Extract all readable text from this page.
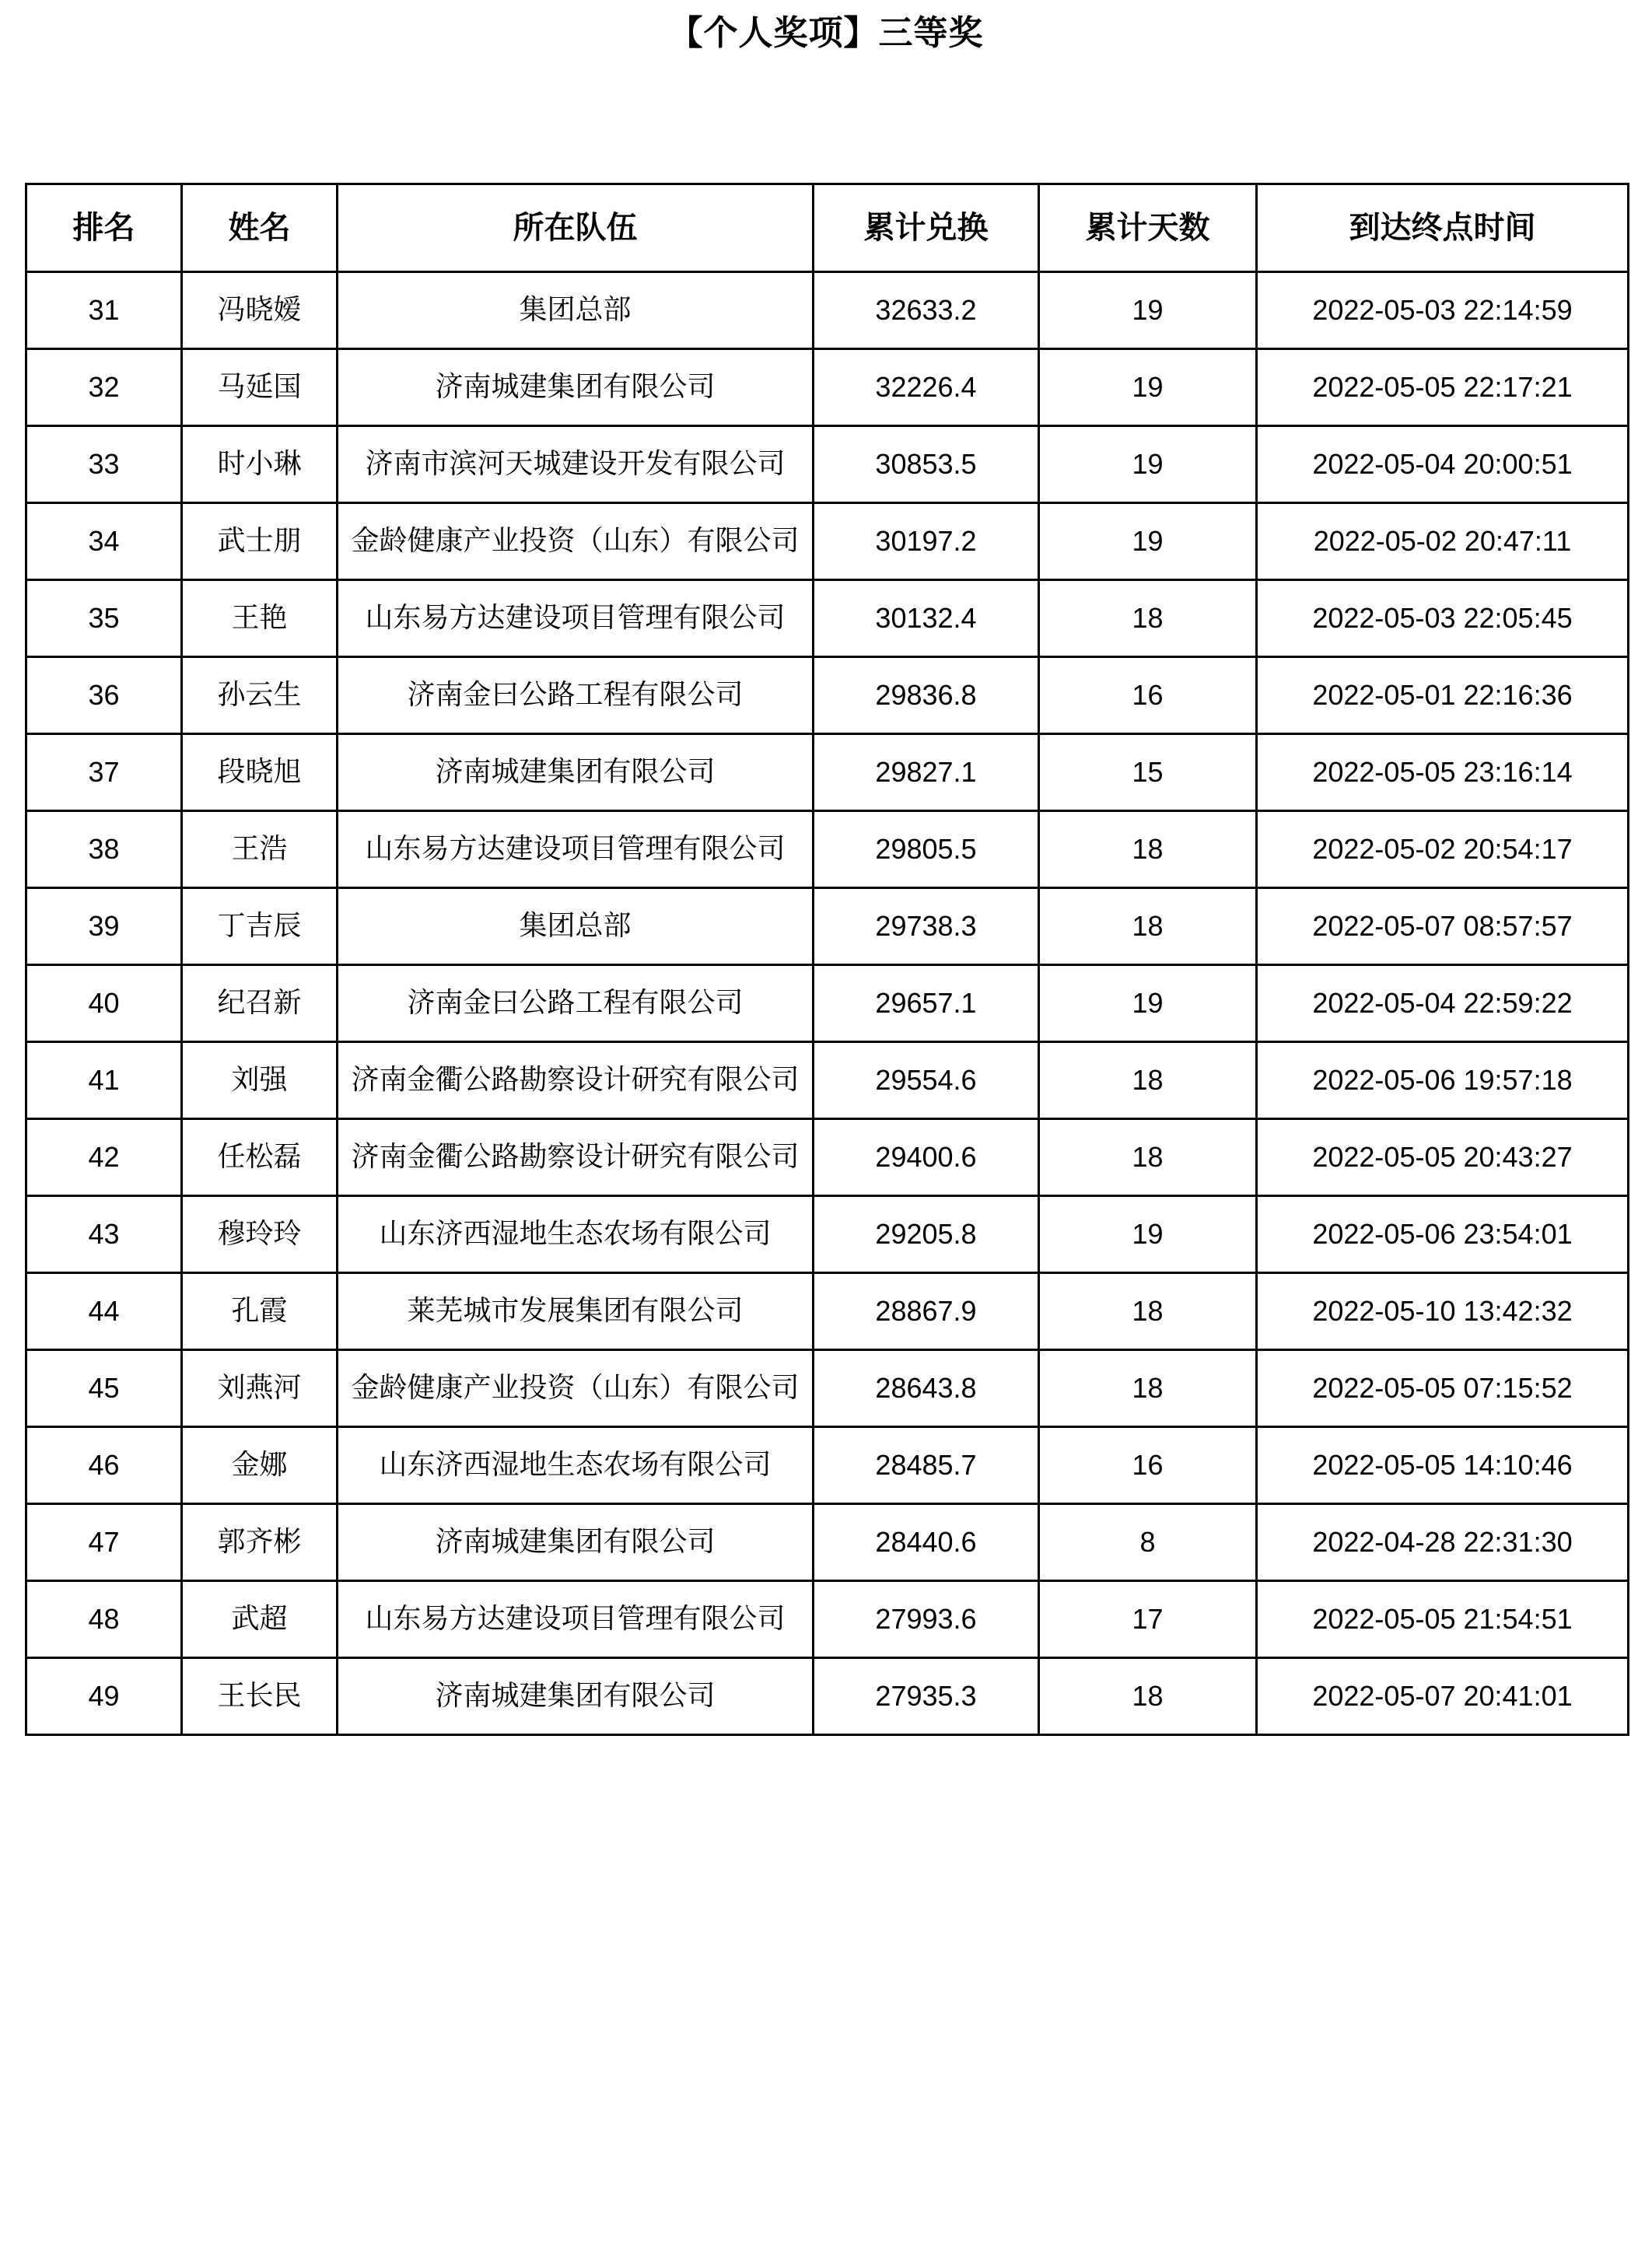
【个人奖项】三等奖
排名	姓名	所在队伍	累计兑换	累计天数	到达终点时间
31	冯晓嫒	集团总部	32633.2	19	2022-05-03 22:14:59
32	马延国	济南城建集团有限公司	32226.4	19	2022-05-05 22:17:21
33	时小琳	济南市滨河天城建设开发有限公司	30853.5	19	2022-05-04 20:00:51
34	武士朋	金龄健康产业投资（山东）有限公司	30197.2	19	2022-05-02 20:47:11
35	王艳	山东易方达建设项目管理有限公司	30132.4	18	2022-05-03 22:05:45
36	孙云生	济南金曰公路工程有限公司	29836.8	16	2022-05-01 22:16:36
37	段晓旭	济南城建集团有限公司	29827.1	15	2022-05-05 23:16:14
38	王浩	山东易方达建设项目管理有限公司	29805.5	18	2022-05-02 20:54:17
39	丁吉辰	集团总部	29738.3	18	2022-05-07 08:57:57
40	纪召新	济南金曰公路工程有限公司	29657.1	19	2022-05-04 22:59:22
41	刘强	济南金衢公路勘察设计研究有限公司	29554.6	18	2022-05-06 19:57:18
42	任松磊	济南金衢公路勘察设计研究有限公司	29400.6	18	2022-05-05 20:43:27
43	穆玲玲	山东济西湿地生态农场有限公司	29205.8	19	2022-05-06 23:54:01
44	孔霞	莱芜城市发展集团有限公司	28867.9	18	2022-05-10 13:42:32
45	刘燕河	金龄健康产业投资（山东）有限公司	28643.8	18	2022-05-05 07:15:52
46	金娜	山东济西湿地生态农场有限公司	28485.7	16	2022-05-05 14:10:46
47	郭齐彬	济南城建集团有限公司	28440.6	8	2022-04-28 22:31:30
48	武超	山东易方达建设项目管理有限公司	27993.6	17	2022-05-05 21:54:51
49	王长民	济南城建集团有限公司	27935.3	18	2022-05-07 20:41:01
